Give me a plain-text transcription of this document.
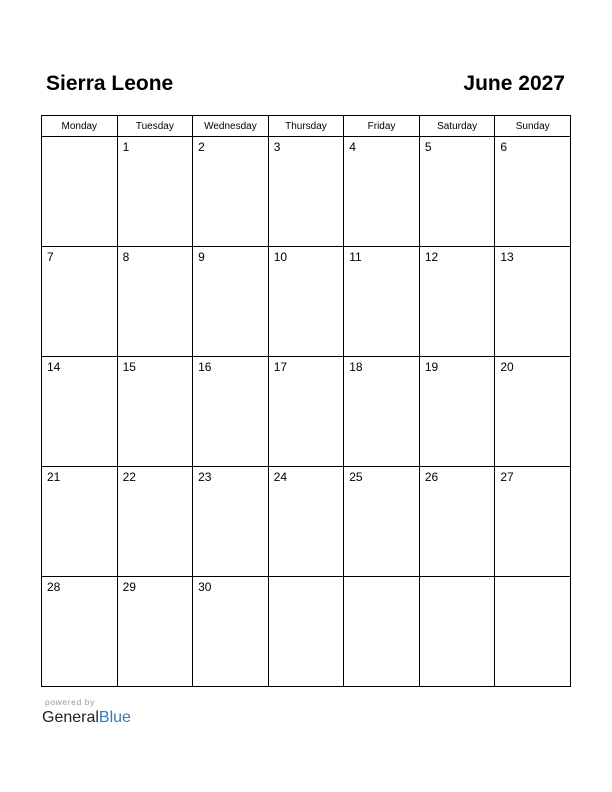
Sierra Leone	June 2027
Monday	Tuesday	Wednesday	Thursday	Friday	Saturday	Sunday

	1	2	3	4	5	6

7	8	9	10	11	12	13

14	15	16	17	18	19	20

21	22	23	24	25	26	27

28	29	30				

powered by
GeneralBlue
